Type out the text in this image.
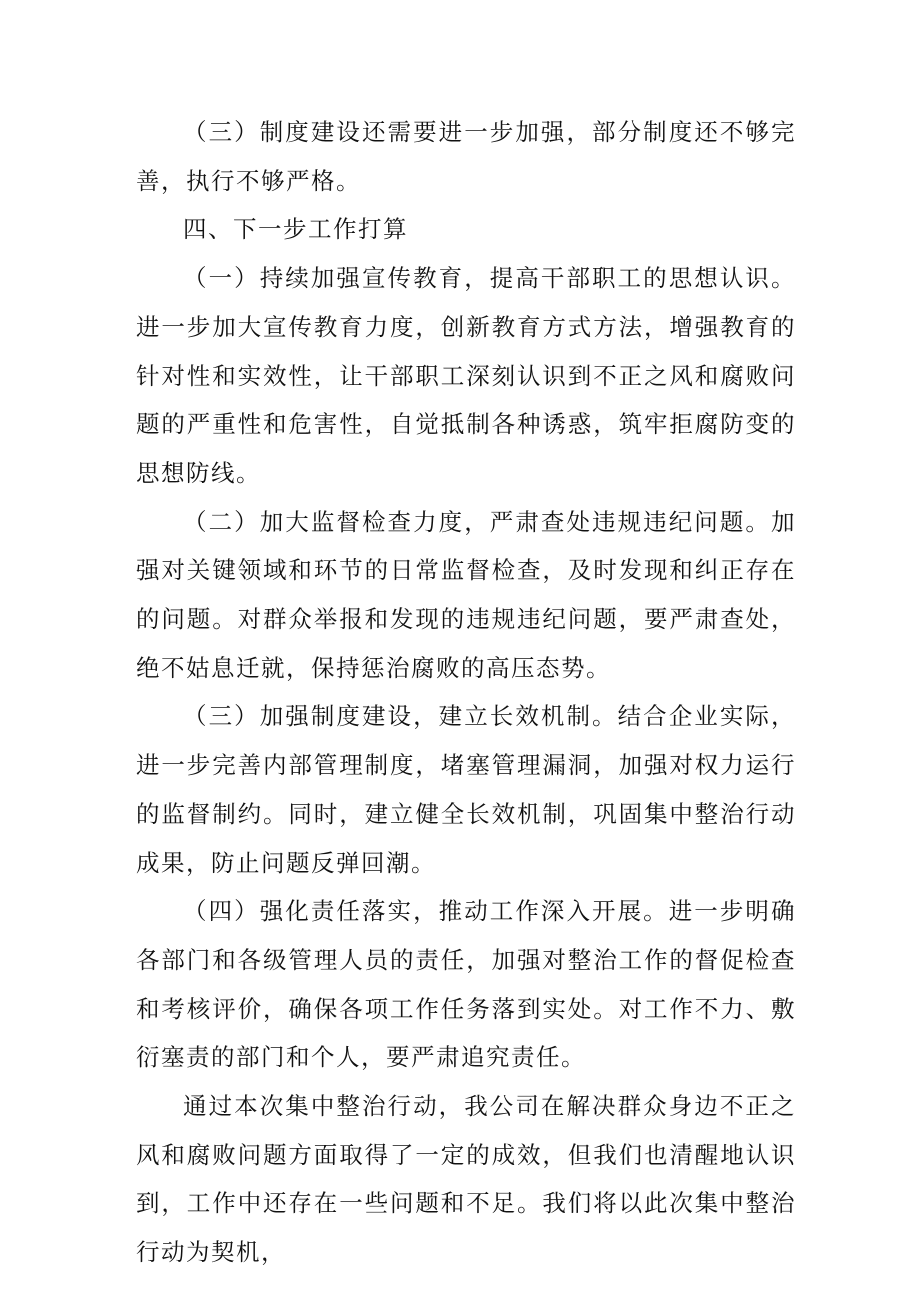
（三）制度建设还需要进一步加强，部分制度还不够完善，执行不够严格。

四、下一步工作打算

（一）持续加强宣传教育，提高干部职工的思想认识。进一步加大宣传教育力度，创新教育方式方法，增强教育的针对性和实效性，让干部职工深刻认识到不正之风和腐败问题的严重性和危害性，自觉抵制各种诱惑，筑牢拒腐防变的思想防线。

（二）加大监督检查力度，严肃查处违规违纪问题。加强对关键领域和环节的日常监督检查，及时发现和纠正存在的问题。对群众举报和发现的违规违纪问题，要严肃查处，绝不姑息迁就，保持惩治腐败的高压态势。

（三）加强制度建设，建立长效机制。结合企业实际，进一步完善内部管理制度，堵塞管理漏洞，加强对权力运行的监督制约。同时，建立健全长效机制，巩固集中整治行动成果，防止问题反弹回潮。

（四）强化责任落实，推动工作深入开展。进一步明确各部门和各级管理人员的责任，加强对整治工作的督促检查和考核评价，确保各项工作任务落到实处。对工作不力、敷衍塞责的部门和个人，要严肃追究责任。

通过本次集中整治行动，我公司在解决群众身边不正之风和腐败问题方面取得了一定的成效，但我们也清醒地认识到，工作中还存在一些问题和不足。我们将以此次集中整治行动为契机，
